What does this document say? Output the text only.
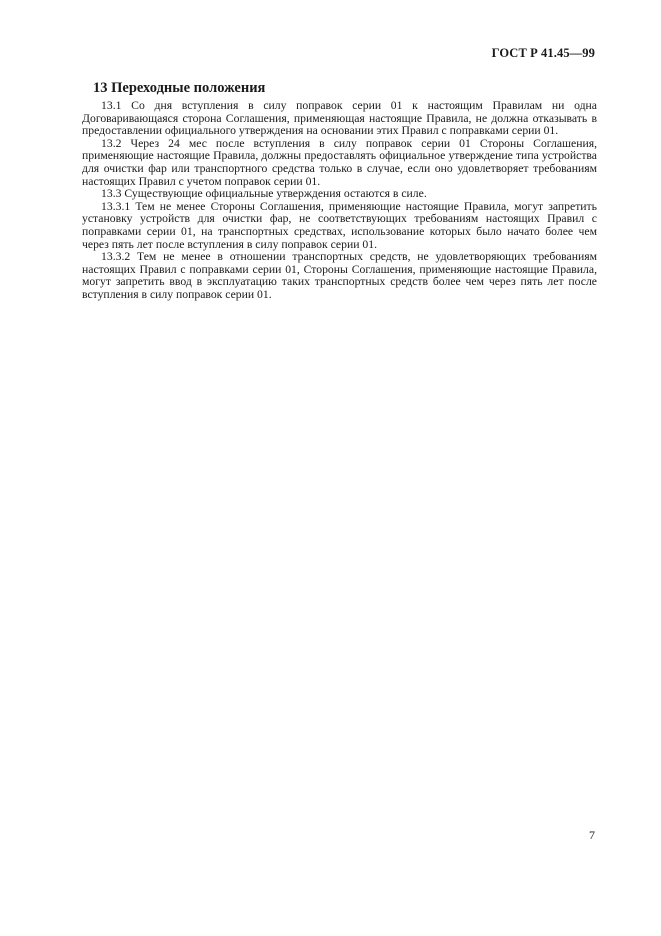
ГОСТ Р 41.45—99
13 Переходные положения

13.1 Со дня вступления в силу поправок серии 01 к настоящим Правилам ни одна Договаривающаяся сторона Соглашения, применяющая настоящие Правила, не должна отказывать в предоставлении официального утверждения на основании этих Правил с поправками серии 01.

13.2 Через 24 мес после вступления в силу поправок серии 01 Стороны Соглашения, применяющие настоящие Правила, должны предоставлять официальное утверждение типа устройства для очистки фар или транспортного средства только в случае, если оно удовлетворяет требованиям настоящих Правил с учетом поправок серии 01.

13.3 Существующие официальные утверждения остаются в силе.

13.3.1 Тем не менее Стороны Соглашения, применяющие настоящие Правила, могут запретить установку устройств для очистки фар, не соответствующих требованиям настоящих Правил с поправками серии 01, на транспортных средствах, использование которых было начато более чем через пять лет после вступления в силу поправок серии 01.

13.3.2 Тем не менее в отношении транспортных средств, не удовлетворяющих требованиям настоящих Правил с поправками серии 01, Стороны Соглашения, применяющие настоящие Правила, могут запретить ввод в эксплуатацию таких транспортных средств более чем через пять лет после вступления в силу поправок серии 01.

7
